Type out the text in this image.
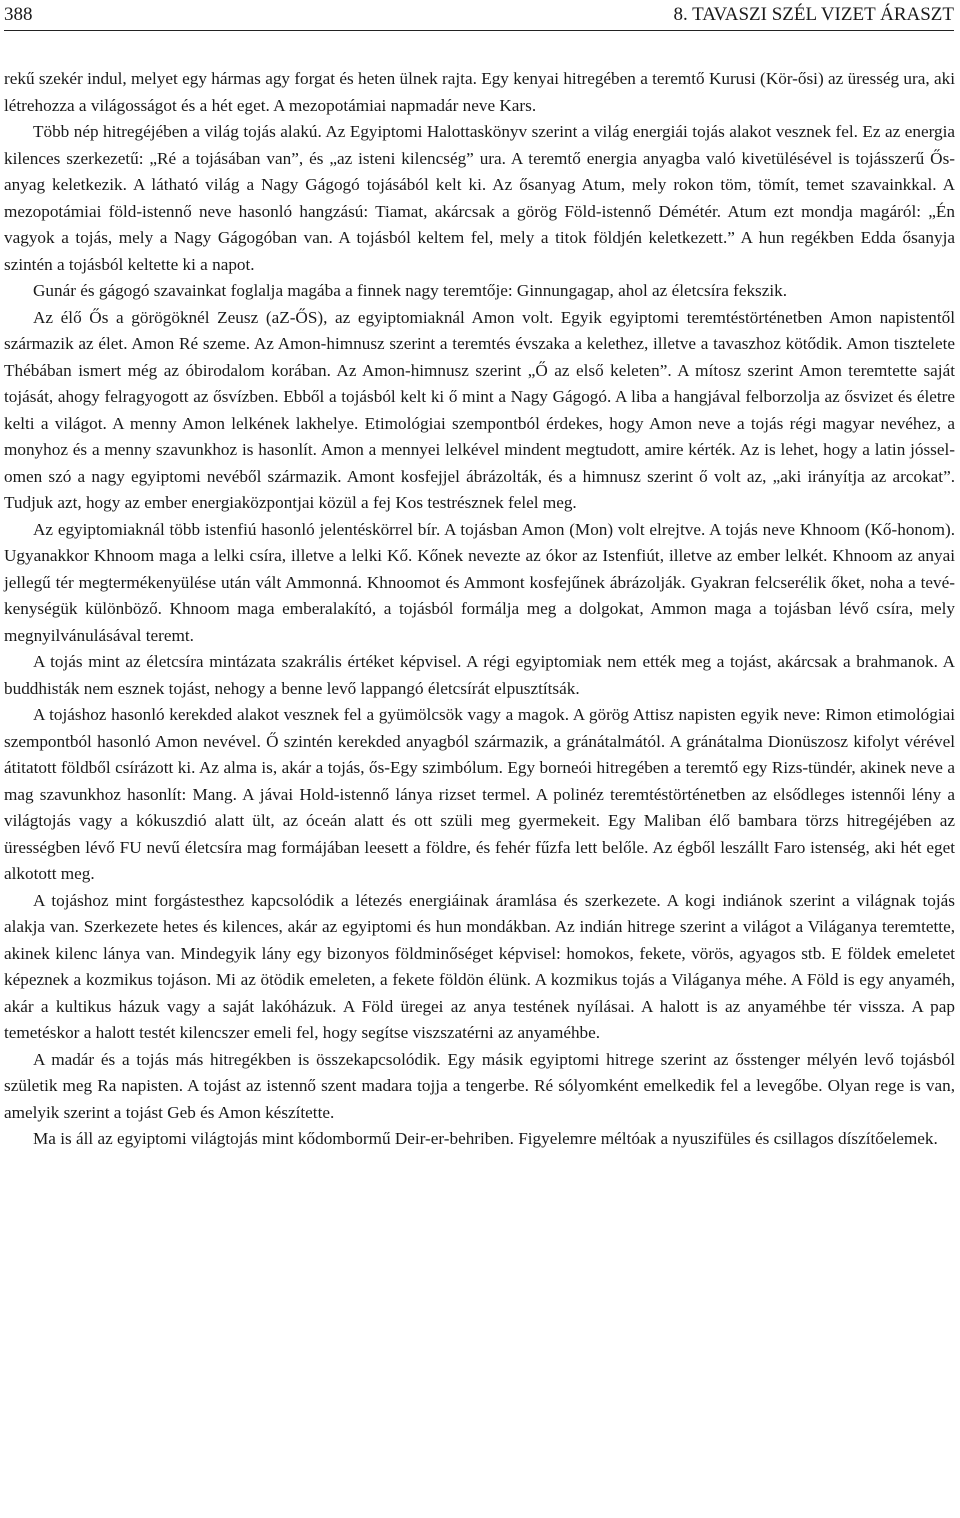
388	8. TAVASZI SZÉL VIZET ÁRASZT

rekű szekér indul, melyet egy hármas agy forgat és heten ülnek rajta. Egy kenyai hitregében a teremtő Kurusi (Kör-ősi) az üresség ura, aki létrehozza a világosságot és a hét eget. A mezopotámiai napmadár neve Kars.

Több nép hitregéjében a világ tojás alakú. Az Egyiptomi Halottaskönyv szerint a világ energiái tojás alakot vesznek fel. Ez az energia kilences szerkezetű: „Ré a tojásában van”, és „az isteni kilencség” ura. A teremtő energia anyagba való kivetülésével is tojásszerű Ős-anyag keletkezik. A látható világ a Nagy Gágogó tojásából kelt ki. Az ősanyag Atum, mely rokon töm, tömít, temet szavainkkal. A mezopotámiai föld-istennő neve hasonló hangzású: Tiamat, akárcsak a görög Föld-istennő Démétér. Atum ezt mondja magáról: „Én vagyok a tojás, mely a Nagy Gágogóban van. A tojásból keltem fel, mely a titok földjén keletkezett.” A hun regékben Edda ősanyja szintén a tojásból keltette ki a napot.

Gunár és gágogó szavainkat foglalja magába a finnek nagy teremtője: Ginnungagap, ahol az életcsíra fekszik.

Az élő Ős a görögöknél Zeusz (aZ-ŐS), az egyiptomiaknál Amon volt. Egyik egyiptomi teremtéstörténetben Amon napistentől származik az élet. Amon Ré szeme. Az Amon-himnusz szerint a teremtés évszaka a kelethez, illetve a tavaszhoz kötődik. Amon tisztelete Thébában ismert még az óbirodalom korában. Az Amon-himnusz szerint „Ő az első keleten”. A mítosz szerint Amon teremtette saját tojását, ahogy felragyogott az ősvízben. Ebből a tojásból kelt ki ő mint a Nagy Gágogó. A liba a hangjával felborzolja az ősvizet és életre kelti a világot. A menny Amon lelkének lakhelye. Etimológiai szempontból érdekes, hogy Amon neve a tojás régi magyar nevéhez, a monyhoz és a menny szavunkhoz is hasonlít. Amon a mennyei lelkével mindent megtudott, amire kérték. Az is lehet, hogy a latin jóssel-omen szó a nagy egyiptomi nevéből származik. Amont kosfejjel ábrázolták, és a himnusz szerint ő volt az, „aki irányítja az arcokat”. Tudjuk azt, hogy az ember energiaközpontjai közül a fej Kos testrésznek felel meg.

Az egyiptomiaknál több istenfiú hasonló jelentéskörrel bír. A tojásban Amon (Mon) volt elrejtve. A tojás neve Khnoom (Kő-honom). Ugyanakkor Khnoom maga a lelki csíra, illetve a lelki Kő. Kőnek nevezte az ókor az Istenfiút, illetve az ember lelkét. Khnoom az anyai jellegű tér megtermékenyülése után vált Ammonná. Khnoomot és Ammont kosfejűnek ábrázolják. Gyakran felcserélik őket, noha a tevékenységük különböző. Khnoom maga emberalakító, a tojásból formálja meg a dolgokat, Ammon maga a tojásban lévő csíra, mely megnyilvánulásával teremt.

A tojás mint az életcsíra mintázata szakrális értéket képvisel. A régi egyiptomiak nem ették meg a tojást, akárcsak a brahmanok. A buddhisták nem esznek tojást, nehogy a benne levő lappangó életcsírát elpusztítsák.

A tojáshoz hasonló kerekded alakot vesznek fel a gyümölcsök vagy a magok. A görög Attisz napisten egyik neve: Rimon etimológiai szempontból hasonló Amon nevével. Ő szintén kerekded anyagból származik, a gránátalmától. A gránátalma Dionüszosz kifolyt vérével átitatott földből csírázott ki. Az alma is, akár a tojás, ős-Egy szimbólum. Egy borneói hitregében a teremtő egy Rizs-tündér, akinek neve a mag szavunkhoz hasonlít: Mang. A jávai Hold-istennő lánya rizset termel. A polinéz teremtéstörténetben az elsődleges istennői lény a világtojás vagy a kókuszdió alatt ült, az óceán alatt és ott szüli meg gyermekeit. Egy Maliban élő bambara törzs hitregéjében az ürességben lévő FU nevű életcsíra mag formájában leesett a földre, és fehér fűzfa lett belőle. Az égből leszállt Faro istenség, aki hét eget alkotott meg.

A tojáshoz mint forgástesthez kapcsolódik a létezés energiáinak áramlása és szerkezete. A kogi indiánok szerint a világnak tojás alakja van. Szerkezete hetes és kilences, akár az egyiptomi és hun mondákban. Az indián hitrege szerint a világot a Világanya teremtette, akinek kilenc lánya van. Mindegyik lány egy bizonyos földminőséget képvisel: homokos, fekete, vörös, agyagos stb. E földek emeletet képeznek a kozmikus tojáson. Mi az ötödik emeleten, a fekete földön élünk. A kozmikus tojás a Világanya méhe. A Föld is egy anyaméh, akár a kultikus házuk vagy a saját lakóházuk. A Föld üregei az anya testének nyílásai. A halott is az anyaméhbe tér vissza. A pap temetéskor a halott testét kilencszer emeli fel, hogy segítse viszszatérni az anyaméhbe.

A madár és a tojás más hitregékben is összekapcsolódik. Egy másik egyiptomi hitrege szerint az ősstenger mélyén levő tojásból születik meg Ra napisten. A tojást az istennő szent madara tojja a tengerbe. Ré sólyomként emelkedik fel a levegőbe. Olyan rege is van, amelyik szerint a tojást Geb és Amon készítette.

Ma is áll az egyiptomi világtojás mint kődombormű Deir-er-behriben. Figyelemre méltóak a nyuszifüles és csillagos díszítőelemek.
